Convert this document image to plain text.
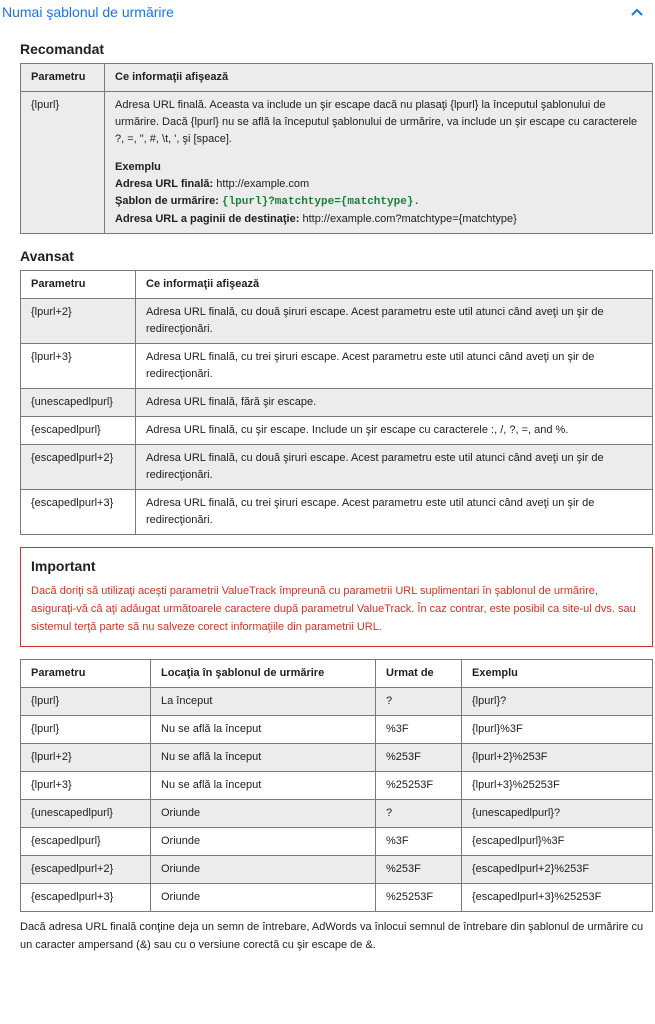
Numai şablonul de urmărire
Recomandat
Parametru	Ce informaţii afişează
{lpurl}	Adresa URL finală. Aceasta va include un şir escape dacă nu plasaţi {lpurl} la începutul şablonului de urmărire. Dacă {lpurl} nu se află la începutul şablonului de urmărire, va include un şir escape cu caracterele ?, =, ", #, \t, ', şi [space].

Exemplu
Adresa URL finală: http://example.com
Şablon de urmărire: {lpurl}?matchtype={matchtype}.
Adresa URL a paginii de destinaţie: http://example.com?matchtype={matchtype}
Avansat
Parametru	Ce informaţii afişează
{lpurl+2}	Adresa URL finală, cu două şiruri escape. Acest parametru este util atunci când aveţi un şir de redirecţionări.
{lpurl+3}	Adresa URL finală, cu trei şiruri escape. Acest parametru este util atunci când aveţi un şir de redirecţionări.
{unescapedlpurl}	Adresa URL finală, fără şir escape.
{escapedlpurl}	Adresa URL finală, cu şir escape. Include un şir escape cu caracterele :, /, ?, =, and %.
{escapedlpurl+2}	Adresa URL finală, cu două şiruri escape. Acest parametru este util atunci când aveţi un şir de redirecţionări.
{escapedlpurl+3}	Adresa URL finală, cu trei şiruri escape. Acest parametru este util atunci când aveţi un şir de redirecţionări.
Important

Dacă doriţi să utilizaţi aceşti parametrii ValueTrack împreună cu parametrii URL suplimentari în şablonul de urmărire, asiguraţi-vă că aţi adăugat următoarele caractere după parametrul ValueTrack. În caz contrar, este posibil ca site-ul dvs. sau sistemul terţă parte să nu salveze corect informaţiile din parametrii URL.

Parametru	Locaţia în şablonul de urmărire	Urmat de	Exemplu
{lpurl}	La început	?	{lpurl}?
{lpurl}	Nu se află la început	%3F	{lpurl}%3F
{lpurl+2}	Nu se află la început	%253F	{lpurl+2}%253F
{lpurl+3}	Nu se află la început	%25253F	{lpurl+3}%25253F
{unescapedlpurl}	Oriunde	?	{unescapedlpurl}?
{escapedlpurl}	Oriunde	%3F	{escapedlpurl}%3F
{escapedlpurl+2}	Oriunde	%253F	{escapedlpurl+2}%253F
{escapedlpurl+3}	Oriunde	%25253F	{escapedlpurl+3}%25253F

Dacă adresa URL finală conţine deja un semn de întrebare, AdWords va înlocui semnul de întrebare din şablonul de urmărire cu un caracter ampersand (&) sau cu o versiune corectă cu şir escape de &.
